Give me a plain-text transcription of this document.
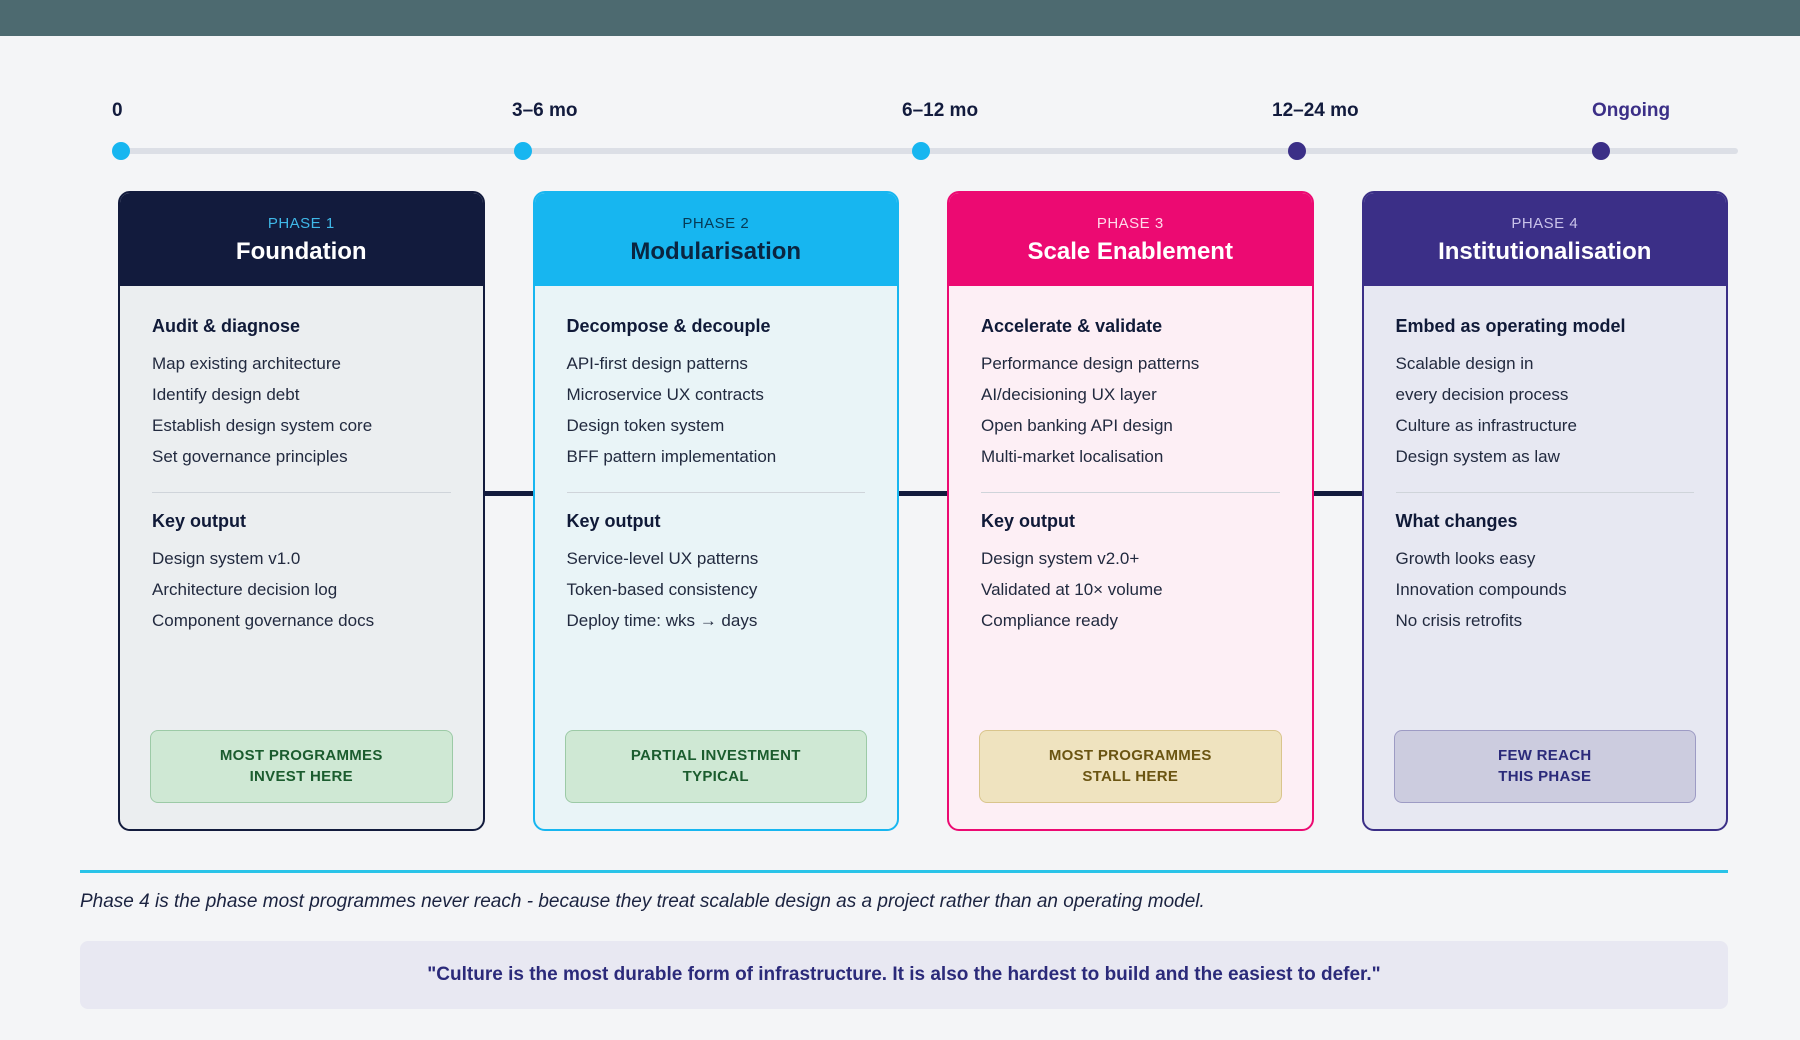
0	3–6 mo	6–12 mo	12–24 mo	Ongoing
PHASE 1
Foundation
Audit & diagnose
Map existing architecture
Identify design debt
Establish design system core
Set governance principles
Key output
Design system v1.0
Architecture decision log
Component governance docs
MOST PROGRAMMES
INVEST HERE
PHASE 2
Modularisation
Decompose & decouple
API-first design patterns
Microservice UX contracts
Design token system
BFF pattern implementation
Key output
Service-level UX patterns
Token-based consistency
Deploy time: wks → days
PARTIAL INVESTMENT
TYPICAL
PHASE 3
Scale Enablement
Accelerate & validate
Performance design patterns
AI/decisioning UX layer
Open banking API design
Multi-market localisation
Key output
Design system v2.0+
Validated at 10× volume
Compliance ready
MOST PROGRAMMES
STALL HERE
PHASE 4
Institutionalisation
Embed as operating model
Scalable design in
every decision process
Culture as infrastructure
Design system as law
What changes
Growth looks easy
Innovation compounds
No crisis retrofits
FEW REACH
THIS PHASE
Phase 4 is the phase most programmes never reach - because they treat scalable design as a project rather than an operating model.
"Culture is the most durable form of infrastructure. It is also the hardest to build and the easiest to defer."
